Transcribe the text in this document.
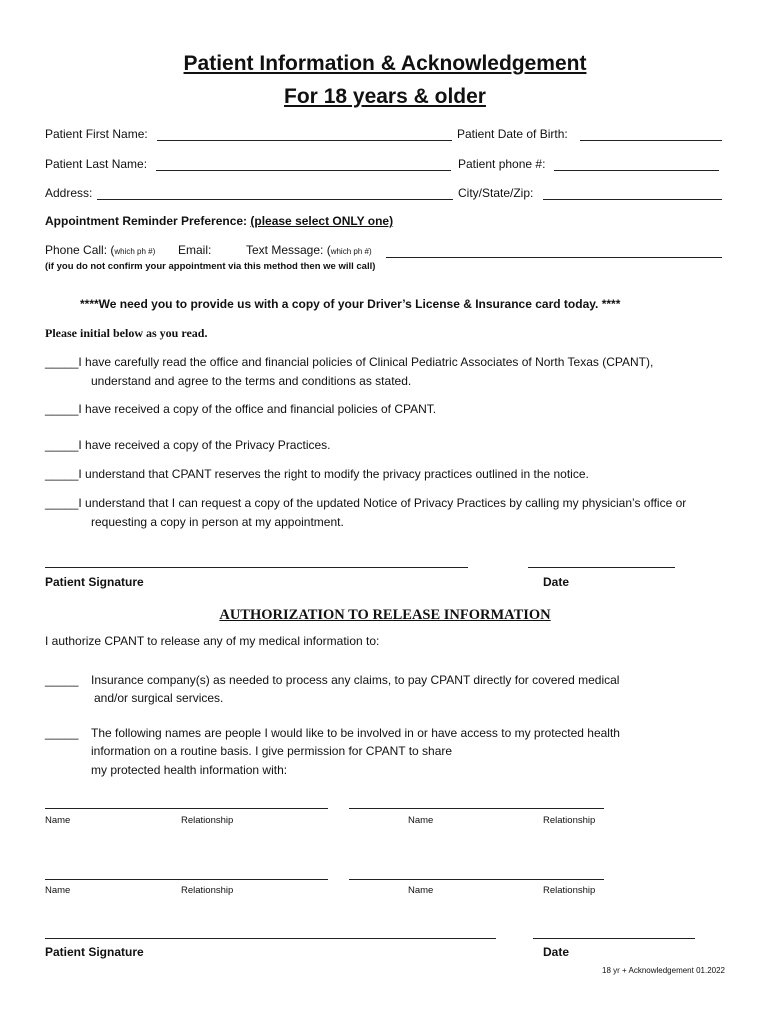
Patient Information & Acknowledgement
For 18 years & older
Patient First Name:	Patient Date of Birth:
Patient Last Name:	Patient phone #:
Address:	City/State/Zip:
Appointment Reminder Preference: (please select ONLY one)
Phone Call: (which ph #) Email:	Text Message: (which ph #)
(if you do not confirm your appointment via this method then we will call)
****We need you to provide us with a copy of your Driver’s License & Insurance card today. ****
Please initial below as you read.
_____I have carefully read the office and financial policies of Clinical Pediatric Associates of North Texas (CPANT),
understand and agree to the terms and conditions as stated.
_____I have received a copy of the office and financial policies of CPANT.
_____I have received a copy of the Privacy Practices.
_____I understand that CPANT reserves the right to modify the privacy practices outlined in the notice.
_____I understand that I can request a copy of the updated Notice of Privacy Practices by calling my physician’s office or
requesting a copy in person at my appointment.
Patient Signature	Date
AUTHORIZATION TO RELEASE INFORMATION
I authorize CPANT to release any of my medical information to:
_____ Insurance company(s) as needed to process any claims, to pay CPANT directly for covered medical
and/or surgical services.
_____ The following names are people I would like to be involved in or have access to my protected health
information on a routine basis. I give permission for CPANT to share
my protected health information with:
Name	Relationship	Name	Relationship
Name	Relationship	Name	Relationship
Patient Signature	Date
18 yr + Acknowledgement 01.2022
